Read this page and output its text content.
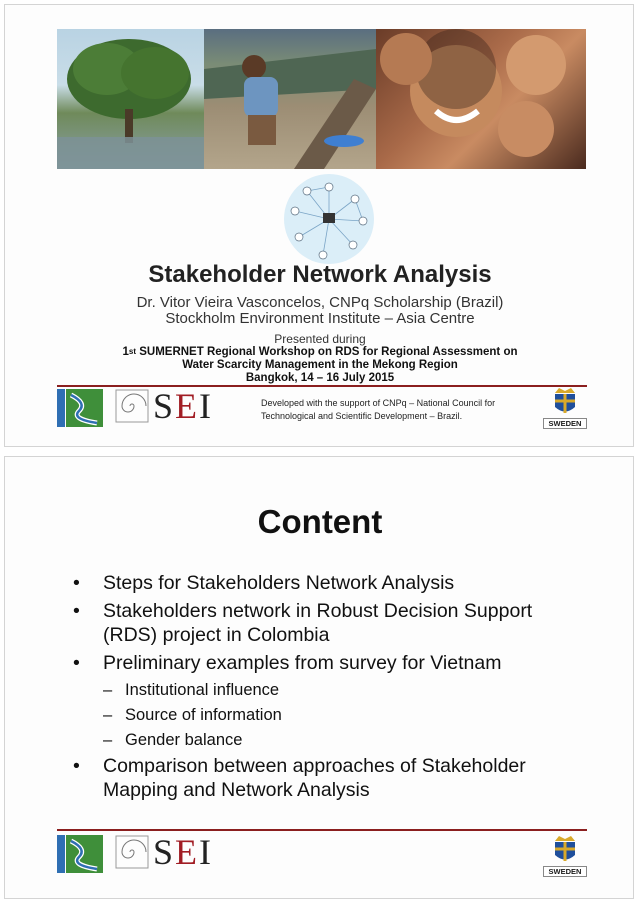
Stakeholder Network Analysis
Dr. Vitor Vieira Vasconcelos, CNPq Scholarship (Brazil)
Stockholm Environment Institute – Asia Centre
Presented during
1st SUMERNET Regional Workshop on RDS for Regional Assessment on
Water Scarcity Management in the Mekong Region
Bangkok, 14 – 16 July 2015
SEI	Developed with the support of CNPq – National Council for Technological and Scientific Development – Brazil.
SWEDEN
Content
• Steps for Stakeholders Network Analysis
• Stakeholders network in Robust Decision Support (RDS) project in Colombia
• Preliminary examples from survey for Vietnam
– Institutional influence
– Source of information
– Gender balance
• Comparison between approaches of Stakeholder Mapping and Network Analysis
SEI	SWEDEN
